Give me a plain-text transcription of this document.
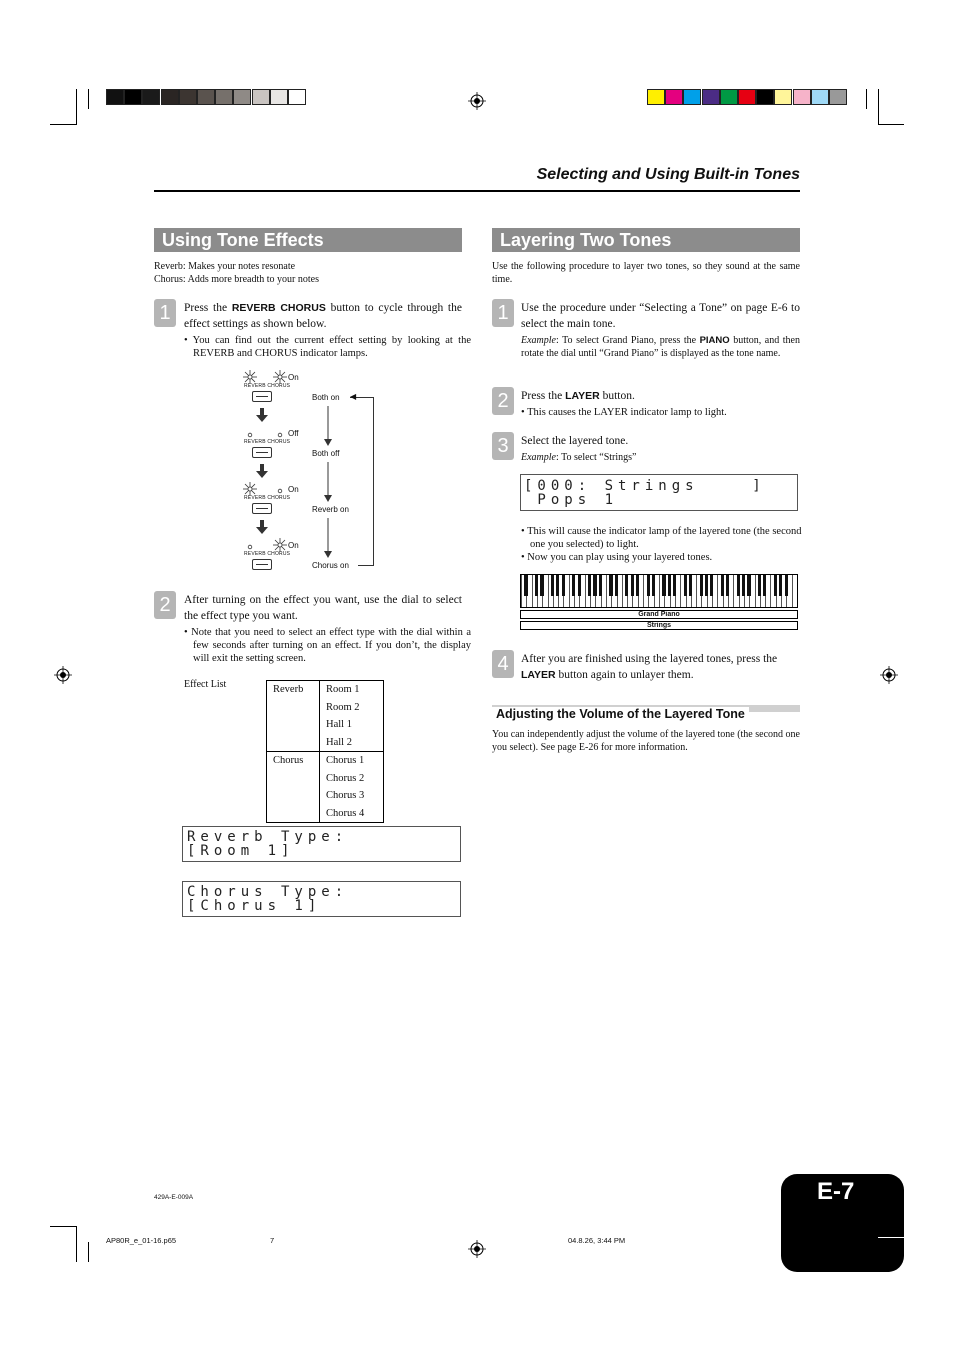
Selecting and Using Built-in Tones
Using Tone Effects
Reverb: Makes your notes resonate
Chorus: Adds more breadth to your notes
1	Press the REVERB CHORUS button to cycle through the effect settings as shown below.
• You can find out the current effect setting by looking at the REVERB and CHORUS indicator lamps.
◀
On
REVERB CHORUS
Both on
Off
REVERB CHORUS
Both off
On
REVERB CHORUS
Reverb on
On
REVERB CHORUS
Chorus on
2	After turning on the effect you want, use the dial to select the effect type you want.
• Note that you need to select an effect type with the dial within a few seconds after turning on an effect. If you don’t, the display will exit the setting screen.
Effect List	Reverb	Room 1
	Room 2
	Hall 1
	Hall 2
Chorus	Chorus 1
	Chorus 2
	Chorus 3
	Chorus 4
Reverb Type:
[Room 1]
Chorus Type:
[Chorus 1]
Layering Two Tones
Use the following procedure to layer two tones, so they sound at the same time.
1	Use the procedure under “Selecting a Tone” on page E-6 to select the main tone.
Example: To select Grand Piano, press the PIANO button, and then rotate the dial until “Grand Piano” is displayed as the tone name.
2	Press the LAYER button.
• This causes the LAYER indicator lamp to light.
3	Select the layered tone.
Example: To select “Strings”
[000: Strings    ]
Pops 1
• This will cause the indicator lamp of the layered tone (the second one you selected) to light.
• Now you can play using your layered tones.
Grand Piano
Strings
4	After you are finished using the layered tones, press the LAYER button again to unlayer them.
Adjusting the Volume of the Layered Tone
You can independently adjust the volume of the layered tone (the second one you select). See page E-26 for more information.
429A-E-009A
AP80R_e_01-16.p65	7	04.8.26, 3:44 PM
E-7
